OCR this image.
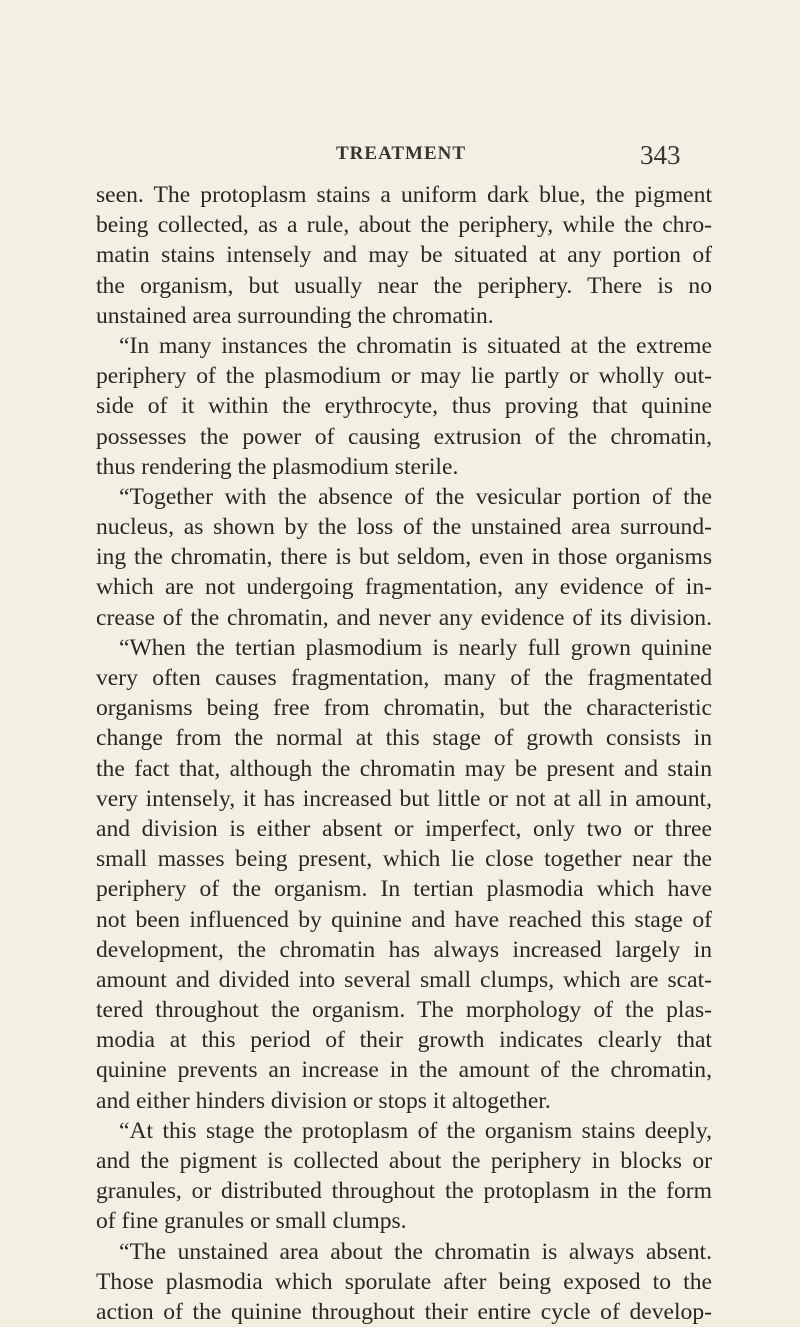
TREATMENT	343
seen. The protoplasm stains a uniform dark blue, the pigment
being collected, as a rule, about the periphery, while the chro-
matin stains intensely and may be situated at any portion of
the organism, but usually near the periphery. There is no
unstained area surrounding the chromatin.
“In many instances the chromatin is situated at the extreme
periphery of the plasmodium or may lie partly or wholly out-
side of it within the erythrocyte, thus proving that quinine
possesses the power of causing extrusion of the chromatin,
thus rendering the plasmodium sterile.
“Together with the absence of the vesicular portion of the
nucleus, as shown by the loss of the unstained area surround-
ing the chromatin, there is but seldom, even in those organisms
which are not undergoing fragmentation, any evidence of in-
crease of the chromatin, and never any evidence of its division.
“When the tertian plasmodium is nearly full grown quinine
very often causes fragmentation, many of the fragmentated
organisms being free from chromatin, but the characteristic
change from the normal at this stage of growth consists in
the fact that, although the chromatin may be present and stain
very intensely, it has increased but little or not at all in amount,
and division is either absent or imperfect, only two or three
small masses being present, which lie close together near the
periphery of the organism. In tertian plasmodia which have
not been influenced by quinine and have reached this stage of
development, the chromatin has always increased largely in
amount and divided into several small clumps, which are scat-
tered throughout the organism. The morphology of the plas-
modia at this period of their growth indicates clearly that
quinine prevents an increase in the amount of the chromatin,
and either hinders division or stops it altogether.
“At this stage the protoplasm of the organism stains deeply,
and the pigment is collected about the periphery in blocks or
granules, or distributed throughout the protoplasm in the form
of fine granules or small clumps.
“The unstained area about the chromatin is always absent.
Those plasmodia which sporulate after being exposed to the
action of the quinine throughout their entire cycle of develop-
